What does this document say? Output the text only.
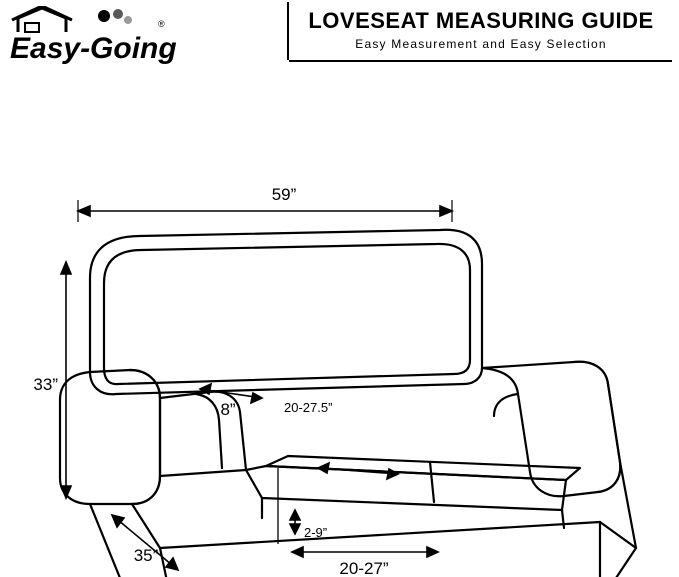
Easy-Going
®	LOVESEAT MEASURING GUIDE
Easy Measurement and Easy Selection
59”
33”
8”	20-27.5”
2-9”
20-27”
35”
